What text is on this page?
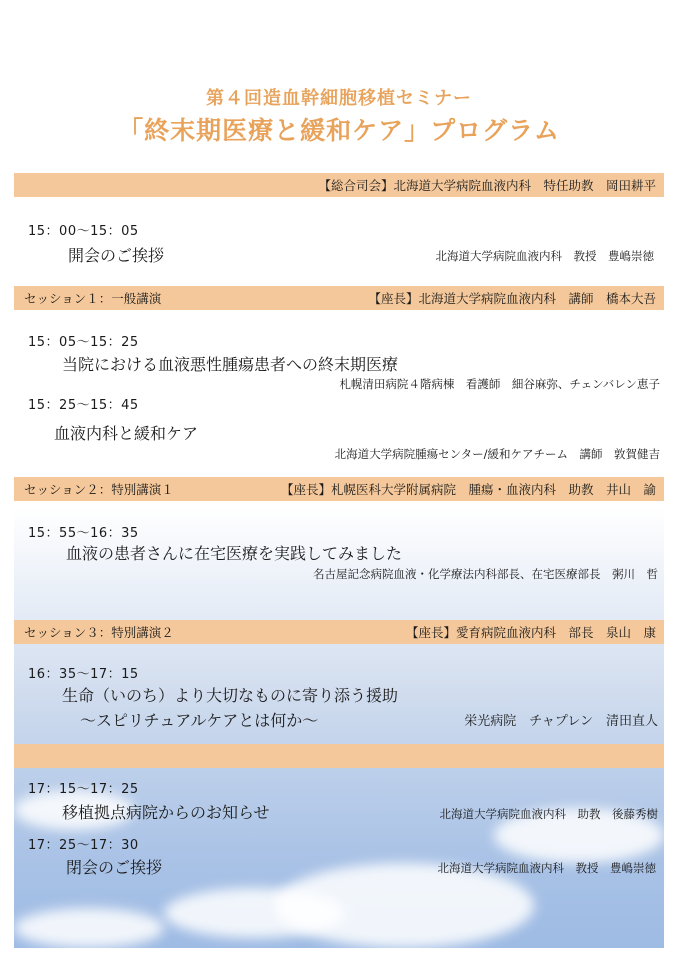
第４回造血幹細胞移植セミナー
「終末期医療と緩和ケア」プログラム
【総合司会】北海道大学病院血液内科　特任助教　岡田耕平
15：00〜15：05
開会のご挨拶	北海道大学病院血液内科　教授　豊嶋崇徳
セッション１：一般講演	【座長】北海道大学病院血液内科　講師　橋本大吾
15：05〜15：25
当院における血液悪性腫瘍患者への終末期医療
札幌清田病院４階病棟　看護師　細谷麻弥、チェンバレン恵子
15：25〜15：45
血液内科と緩和ケア
北海道大学病院腫瘍センター/緩和ケアチーム　講師　敦賀健吉
セッション２：特別講演１	【座長】札幌医科大学附属病院　腫瘍・血液内科　助教　井山　諭
15：55〜16：35
血液の患者さんに在宅医療を実践してみました
名古屋記念病院血液・化学療法内科部長、在宅医療部長　粥川　哲
セッション３：特別講演２	【座長】愛育病院血液内科　部長　泉山　康
16：35〜17：15
生命（いのち）より大切なものに寄り添う援助
〜スピリチュアルケアとは何か〜	栄光病院　チャプレン　清田直人
17：15〜17：25
移植拠点病院からのお知らせ	北海道大学病院血液内科　助教　後藤秀樹
17：25〜17：30
閉会のご挨拶	北海道大学病院血液内科　教授　豊嶋崇徳
